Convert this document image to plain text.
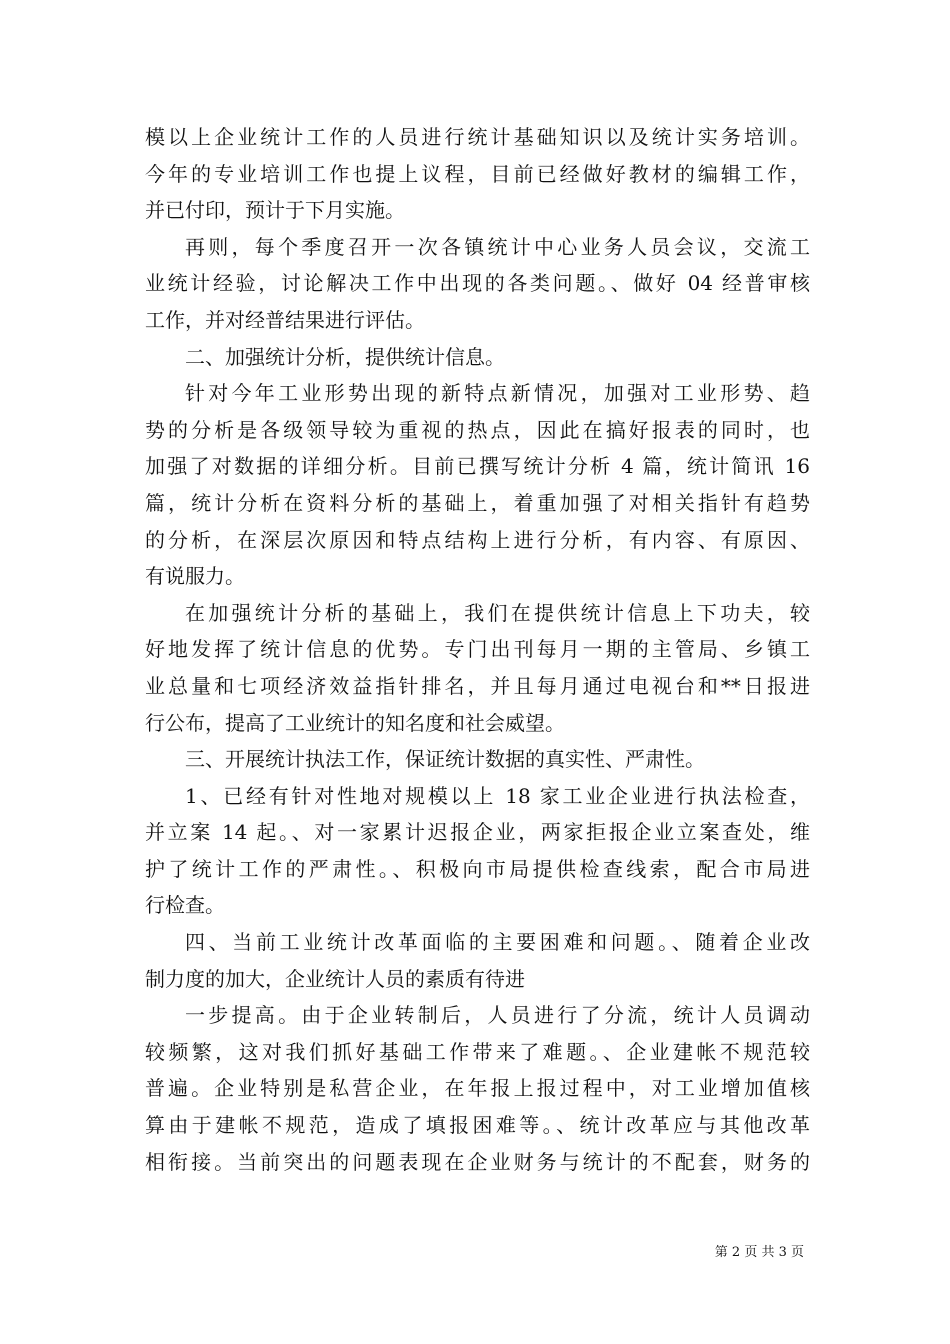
模以上企业统计工作的人员进行统计基础知识以及统计实务培训。
今年的专业培训工作也提上议程，目前已经做好教材的编辑工作，
并已付印，预计于下月实施。
再则，每个季度召开一次各镇统计中心业务人员会议，交流工
业统计经验，讨论解决工作中出现的各类问题。、做好 04 经普审核
工作，并对经普结果进行评估。
二、加强统计分析，提供统计信息。
针对今年工业形势出现的新特点新情况，加强对工业形势、趋
势的分析是各级领导较为重视的热点，因此在搞好报表的同时，也
加强了对数据的详细分析。目前已撰写统计分析 4 篇，统计简讯 16
篇，统计分析在资料分析的基础上，着重加强了对相关指针有趋势
的分析，在深层次原因和特点结构上进行分析，有内容、有原因、
有说服力。
在加强统计分析的基础上，我们在提供统计信息上下功夫，较
好地发挥了统计信息的优势。专门出刊每月一期的主管局、乡镇工
业总量和七项经济效益指针排名，并且每月通过电视台和**日报进
行公布，提高了工业统计的知名度和社会威望。
三、开展统计执法工作，保证统计数据的真实性、严肃性。
1、已经有针对性地对规模以上 18 家工业企业进行执法检查，
并立案 14 起。、对一家累计迟报企业，两家拒报企业立案查处，维
护了统计工作的严肃性。、积极向市局提供检查线索，配合市局进
行检查。
四、当前工业统计改革面临的主要困难和问题。、随着企业改
制力度的加大，企业统计人员的素质有待进
一步提高。由于企业转制后，人员进行了分流，统计人员调动
较频繁，这对我们抓好基础工作带来了难题。、企业建帐不规范较
普遍。企业特别是私营企业，在年报上报过程中，对工业增加值核
算由于建帐不规范，造成了填报困难等。、统计改革应与其他改革
相衔接。当前突出的问题表现在企业财务与统计的不配套，财务的
第 2 页 共 3 页
